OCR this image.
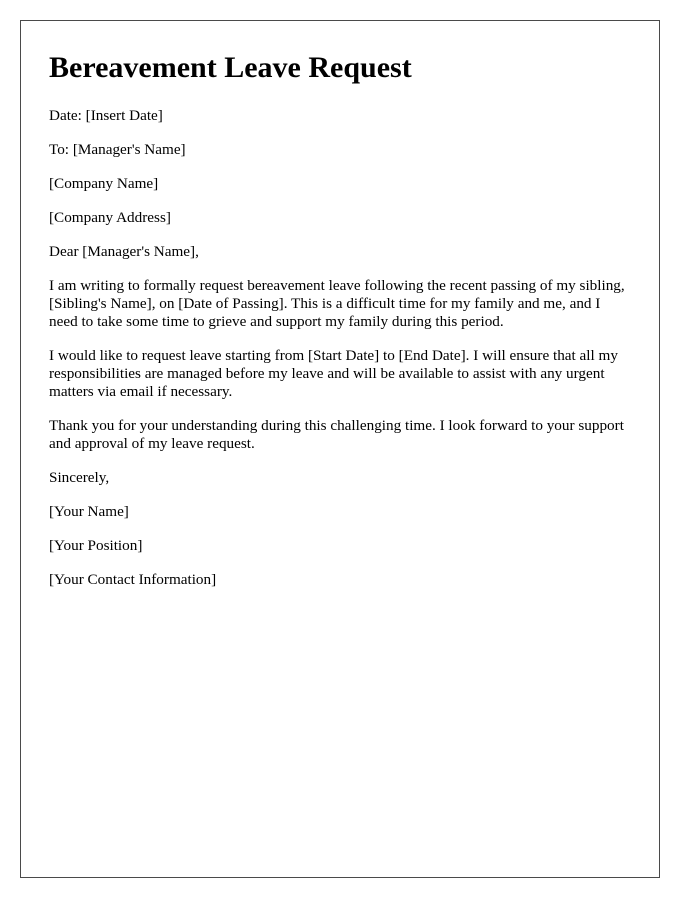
Bereavement Leave Request

Date: [Insert Date]

To: [Manager's Name]

[Company Name]

[Company Address]

Dear [Manager's Name],

I am writing to formally request bereavement leave following the recent passing of my sibling, [Sibling's Name], on [Date of Passing]. This is a difficult time for my family and me, and I need to take some time to grieve and support my family during this period.

I would like to request leave starting from [Start Date] to [End Date]. I will ensure that all my responsibilities are managed before my leave and will be available to assist with any urgent matters via email if necessary.

Thank you for your understanding during this challenging time. I look forward to your support and approval of my leave request.

Sincerely,

[Your Name]

[Your Position]

[Your Contact Information]
